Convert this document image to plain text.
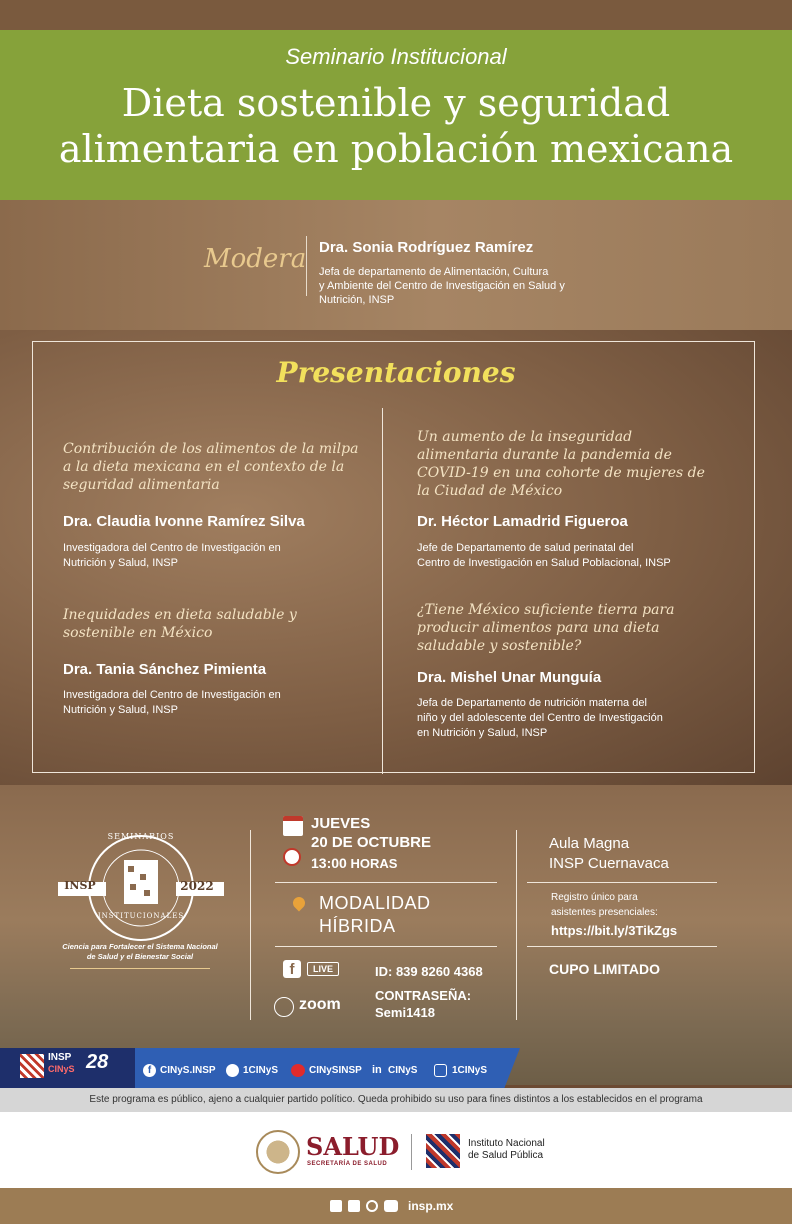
Seminario Institucional
Dieta sostenible y seguridad
alimentaria en población mexicana
Modera Dra. Sonia Rodríguez Ramírez
Jefa de departamento de Alimentación, Cultura
y Ambiente del Centro de Investigación en Salud y
Nutrición, INSP
Presentaciones
Contribución de los alimentos de la milpa
a la dieta mexicana en el contexto de la
seguridad alimentaria
Dra. Claudia Ivonne Ramírez Silva
Investigadora del Centro de Investigación en
Nutrición y Salud, INSP
Un aumento de la inseguridad
alimentaria durante la pandemia de
COVID-19 en una cohorte de mujeres de
la Ciudad de México
Dr. Héctor Lamadrid Figueroa
Jefe de Departamento de salud perinatal del
Centro de Investigación en Salud Poblacional, INSP
Inequidades en dieta saludable y
sostenible en México
Dra. Tania Sánchez Pimienta
Investigadora del Centro de Investigación en
Nutrición y Salud, INSP
¿Tiene México suficiente tierra para
producir alimentos para una dieta
saludable y sostenible?
Dra. Mishel Unar Munguía
Jefa de Departamento de nutrición materna del
niño y del adolescente del Centro de Investigación
en Nutrición y Salud, INSP
INSP	2022
SEMINARIOS
INSTITUCIONALES
Ciencia para Fortalecer el Sistema Nacional
de Salud y el Bienestar Social
JUEVES
20 DE OCTUBRE
13:00 HORAS
MODALIDAD
HÍBRIDA
f	LIVE
zoom
ID: 839 8260 4368
CONTRASEÑA:
Semi1418
Aula Magna
INSP Cuernavaca
Registro único para
asistentes presenciales:
https://bit.ly/3TikZgs
CUPO LIMITADO
INSP
CINyS 28	f CINyS.INSP	1CINyS	CINySINSP in CINyS	1CINyS
Este programa es público, ajeno a cualquier partido político. Queda prohibido su uso para fines distintos a los establecidos en el programa
SALUD
SECRETARÍA DE SALUD
Instituto Nacional
de Salud Pública
insp.mx
